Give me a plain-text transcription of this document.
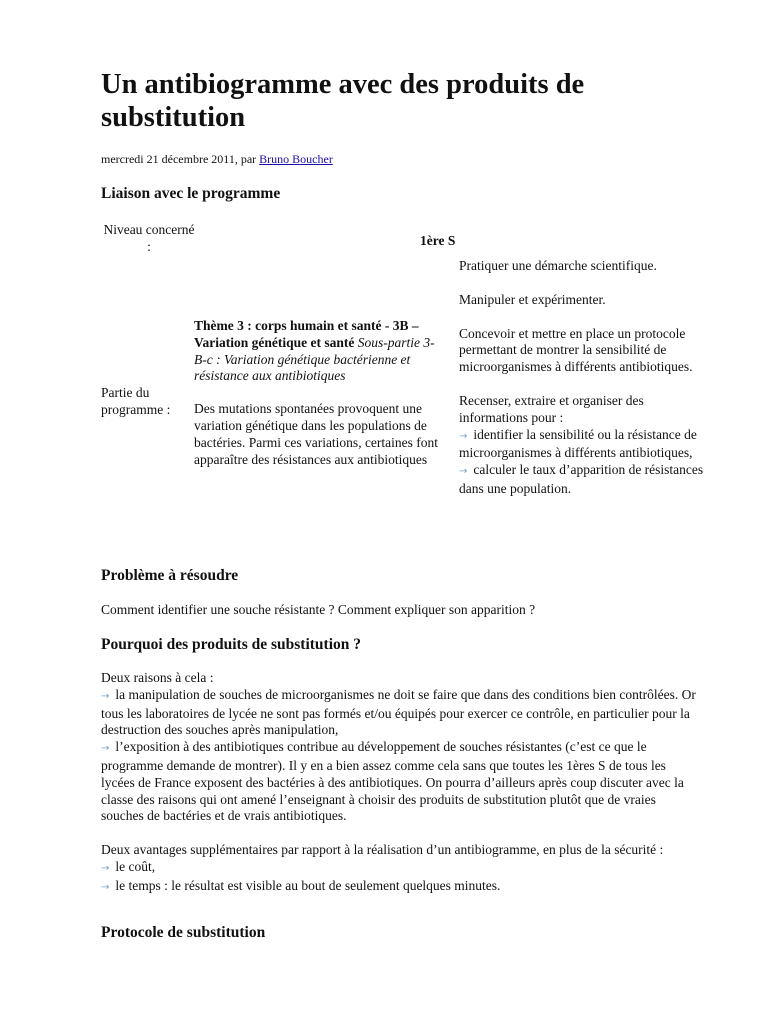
Un antibiogramme avec des produits de substitution
mercredi 21 décembre 2011, par Bruno Boucher
Liaison avec le programme
Niveau concerné :	1ère S
Partie du programme :
Thème 3 : corps humain et santé - 3B – Variation génétique et santé Sous-partie 3-B-c : Variation génétique bactérienne et résistance aux antibiotiques
Des mutations spontanées provoquent une variation génétique dans les populations de bactéries. Parmi ces variations, certaines font apparaître des résistances aux antibiotiques
Pratiquer une démarche scientifique.
Manipuler et expérimenter.
Concevoir et mettre en place un protocole permettant de montrer la sensibilité de microorganismes à différents antibiotiques.
Recenser, extraire et organiser des informations pour :
→ identifier la sensibilité ou la résistance de microorganismes à différents antibiotiques,
→ calculer le taux d’apparition de résistances dans une population.
Problème à résoudre
Comment identifier une souche résistante ? Comment expliquer son apparition ?
Pourquoi des produits de substitution ?
Deux raisons à cela :
→ la manipulation de souches de microorganismes ne doit se faire que dans des conditions bien contrôlées. Or tous les laboratoires de lycée ne sont pas formés et/ou équipés pour exercer ce contrôle, en particulier pour la destruction des souches après manipulation,
→ l’exposition à des antibiotiques contribue au développement de souches résistantes (c’est ce que le programme demande de montrer). Il y en a bien assez comme cela sans que toutes les 1ères S de tous les lycées de France exposent des bactéries à des antibiotiques. On pourra d’ailleurs après coup discuter avec la classe des raisons qui ont amené l’enseignant à choisir des produits de substitution plutôt que de vraies souches de bactéries et de vrais antibiotiques.
Deux avantages supplémentaires par rapport à la réalisation d’un antibiogramme, en plus de la sécurité :
→ le coût,
→ le temps : le résultat est visible au bout de seulement quelques minutes.
Protocole de substitution
